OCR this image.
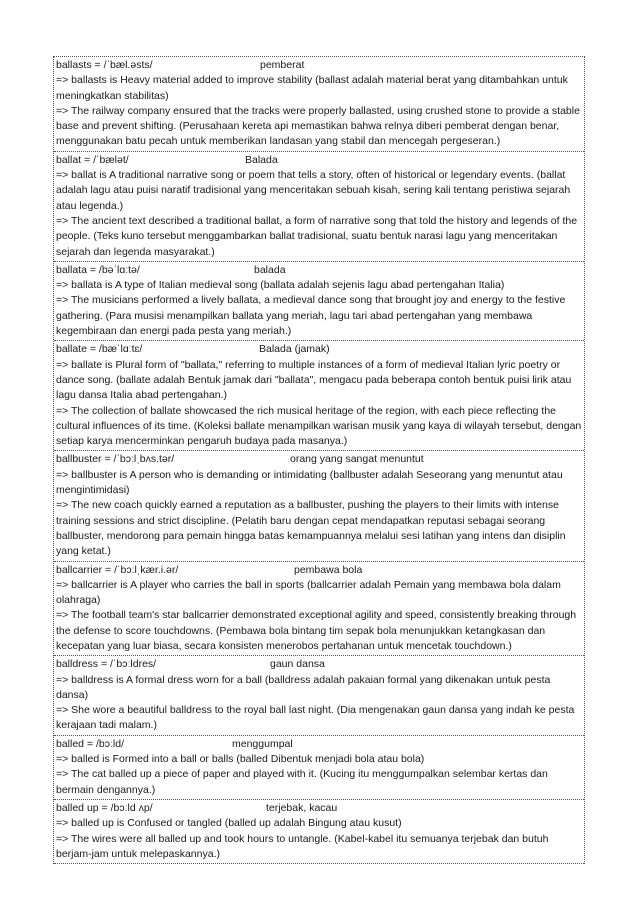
ballasts = /ˈbæl.əsts/	pemberat

=> ballasts is Heavy material added to improve stability (ballast adalah material berat yang ditambahkan untuk meningkatkan stabilitas)

=> The railway company ensured that the tracks were properly ballasted, using crushed stone to provide a stable base and prevent shifting. (Perusahaan kereta api memastikan bahwa relnya diberi pemberat dengan benar, menggunakan batu pecah untuk memberikan landasan yang stabil dan mencegah pergeseran.)

ballat = /ˈbælət/	Balada

=> ballat is A traditional narrative song or poem that tells a story, often of historical or legendary events. (ballat adalah lagu atau puisi naratif tradisional yang menceritakan sebuah kisah, sering kali tentang peristiwa sejarah atau legenda.)

=> The ancient text described a traditional ballat, a form of narrative song that told the history and legends of the people. (Teks kuno tersebut menggambarkan ballat tradisional, suatu bentuk narasi lagu yang menceritakan sejarah dan legenda masyarakat.)

ballata = /bəˈlɑːtə/	balada

=> ballata is A type of Italian medieval song (ballata adalah sejenis lagu abad pertengahan Italia)

=> The musicians performed a lively ballata, a medieval dance song that brought joy and energy to the festive gathering. (Para musisi menampilkan ballata yang meriah, lagu tari abad pertengahan yang membawa kegembiraan dan energi pada pesta yang meriah.)

ballate = /bæˈlɑːtɛ/	Balada (jamak)

=> ballate is Plural form of "ballata," referring to multiple instances of a form of medieval Italian lyric poetry or dance song. (ballate adalah Bentuk jamak dari "ballata", mengacu pada beberapa contoh bentuk puisi lirik atau lagu dansa Italia abad pertengahan.)

=> The collection of ballate showcased the rich musical heritage of the region, with each piece reflecting the cultural influences of its time. (Koleksi ballate menampilkan warisan musik yang kaya di wilayah tersebut, dengan setiap karya mencerminkan pengaruh budaya pada masanya.)

ballbuster = /ˈbɔːlˌbʌs.tər/	orang yang sangat menuntut

=> ballbuster is A person who is demanding or intimidating (ballbuster adalah Seseorang yang menuntut atau mengintimidasi)

=> The new coach quickly earned a reputation as a ballbuster, pushing the players to their limits with intense training sessions and strict discipline. (Pelatih baru dengan cepat mendapatkan reputasi sebagai seorang ballbuster, mendorong para pemain hingga batas kemampuannya melalui sesi latihan yang intens dan disiplin yang ketat.)

ballcarrier = /ˈbɔːlˌkær.i.ər/	pembawa bola

=> ballcarrier is A player who carries the ball in sports (ballcarrier adalah Pemain yang membawa bola dalam olahraga)

=> The football team's star ballcarrier demonstrated exceptional agility and speed, consistently breaking through the defense to score touchdowns. (Pembawa bola bintang tim sepak bola menunjukkan ketangkasan dan kecepatan yang luar biasa, secara konsisten menerobos pertahanan untuk mencetak touchdown.)

balldress = /ˈbɔːldres/	gaun dansa

=> balldress is A formal dress worn for a ball (balldress adalah pakaian formal yang dikenakan untuk pesta dansa)

=> She wore a beautiful balldress to the royal ball last night. (Dia mengenakan gaun dansa yang indah ke pesta kerajaan tadi malam.)

balled = /bɔːld/	menggumpal

=> balled is Formed into a ball or balls (balled Dibentuk menjadi bola atau bola)

=> The cat balled up a piece of paper and played with it. (Kucing itu menggumpalkan selembar kertas dan bermain dengannya.)

balled up = /bɔːld ʌp/	terjebak, kacau

=> balled up is Confused or tangled (balled up adalah Bingung atau kusut)

=> The wires were all balled up and took hours to untangle. (Kabel-kabel itu semuanya terjebak dan butuh berjam-jam untuk melepaskannya.)
